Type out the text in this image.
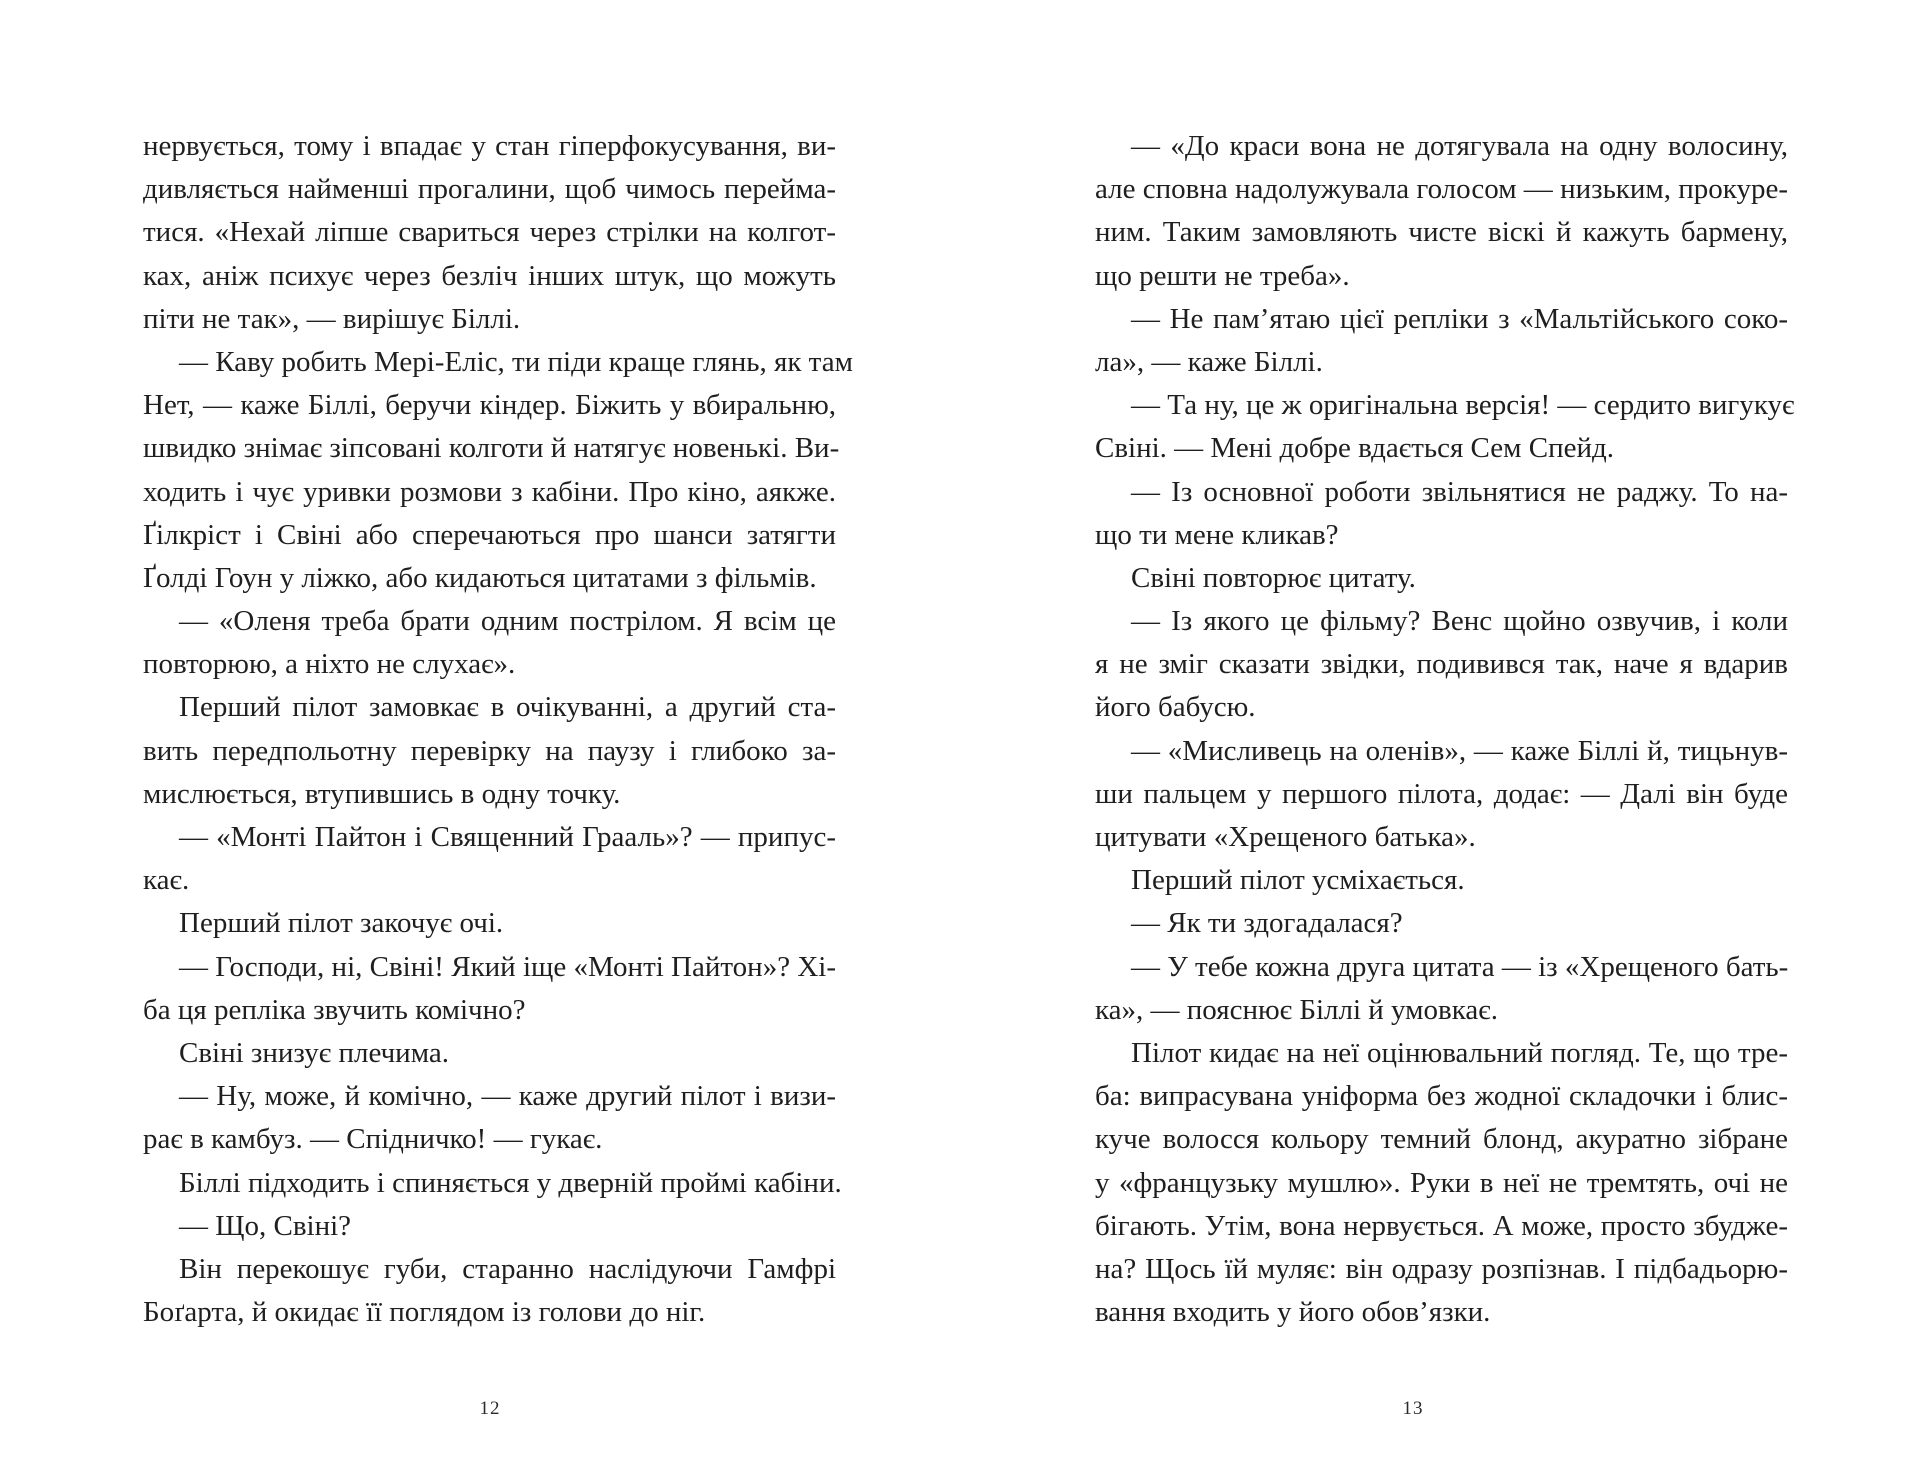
нервується, тому і впадає у стан гіперфокусування, ви-
дивляється найменші прогалини, щоб чимось перейма-
тися. «Нехай ліпше свариться через стрілки на колгот-
ках, аніж психує через безліч інших штук, що можуть
піти не так», — вирішує Біллі.
— Каву робить Мері-Еліс, ти піди краще глянь, як там
Нет, — каже Біллі, беручи кіндер. Біжить у вбиральню,
швидко знімає зіпсовані колготи й натягує новенькі. Ви-
ходить і чує уривки розмови з кабіни. Про кіно, аякже.
Ґілкріст і Свіні або сперечаються про шанси затягти
Ґолді Гоун у ліжко, або кидаються цитатами з фільмів.
— «Оленя треба брати одним пострілом. Я всім це
повторюю, а ніхто не слухає».
Перший пілот замовкає в очікуванні, а другий ста-
вить передпольотну перевірку на паузу і глибоко за-
мислюється, втупившись в одну точку.
— «Монті Пайтон і Священний Грааль»? — припус-
кає.
Перший пілот закочує очі.
— Господи, ні, Свіні! Який іще «Монті Пайтон»? Хі-
ба ця репліка звучить комічно?
Свіні знизує плечима.
— Ну, може, й комічно, — каже другий пілот і визи-
рає в камбуз. — Спідничко! — гукає.
Біллі підходить і спиняється у дверній проймі кабіни.
— Що, Свіні?
Він перекошує губи, старанно наслідуючи Гамфрі
Боґарта, й окидає її поглядом із голови до ніг.
12
— «До краси вона не дотягувала на одну волосину,
але сповна надолужувала голосом — низьким, прокуре-
ним. Таким замовляють чисте віскі й кажуть бармену,
що решти не треба».
— Не пам’ятаю цієї репліки з «Мальтійського соко-
ла», — каже Біллі.
— Та ну, це ж оригінальна версія! — сердито вигукує
Свіні. — Мені добре вдається Сем Спейд.
— Із основної роботи звільнятися не раджу. То на-
що ти мене кликав?
Свіні повторює цитату.
— Із якого це фільму? Венс щойно озвучив, і коли
я не зміг сказати звідки, подивився так, наче я вдарив
його бабусю.
— «Мисливець на оленів», — каже Біллі й, тицьнув-
ши пальцем у першого пілота, додає: — Далі він буде
цитувати «Хрещеного батька».
Перший пілот усміхається.
— Як ти здогадалася?
— У тебе кожна друга цитата — із «Хрещеного бать-
ка», — пояснює Біллі й умовкає.
Пілот кидає на неї оцінювальний погляд. Те, що тре-
ба: випрасувана уніформа без жодної складочки і блис-
куче волосся кольору темний блонд, акуратно зібране
у «французьку мушлю». Руки в неї не тремтять, очі не
бігають. Утім, вона нервується. А може, просто збудже-
на? Щось їй муляє: він одразу розпізнав. І підбадьорю-
вання входить у його обов’язки.
13
